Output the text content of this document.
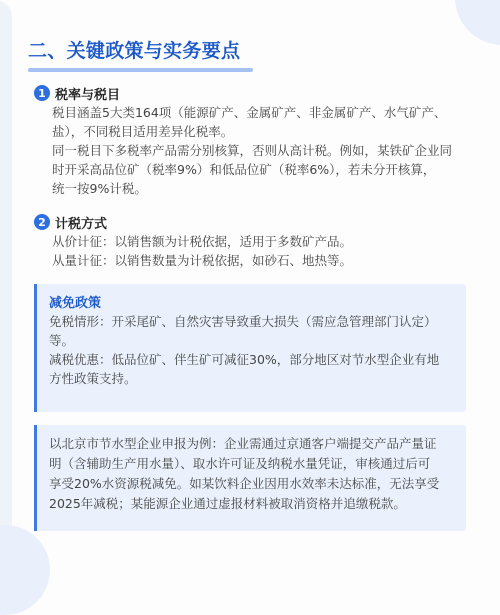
二、关键政策与实务要点
1 税率与税目

税目涵盖5大类164项（能源矿产、金属矿产、非金属矿产、水气矿产、

盐），不同税目适用差异化税率。

同一税目下多税率产品需分别核算，否则从高计税。例如，某铁矿企业同

时开采高品位矿（税率9%）和低品位矿（税率6%），若未分开核算，

统一按9%计税。

2 计税方式

从价计征：以销售额为计税依据，适用于多数矿产品。

从量计征：以销售数量为计税依据，如砂石、地热等。

减免政策

免税情形：开采尾矿、自然灾害导致重大损失（需应急管理部门认定）

等。

减税优惠：低品位矿、伴生矿可减征30%，部分地区对节水型企业有地

方性政策支持。

以北京市节水型企业申报为例：企业需通过京通客户端提交产品产量证

明（含辅助生产用水量）、取水许可证及纳税水量凭证，审核通过后可

享受20%水资源税减免。如某饮料企业因用水效率未达标准，无法享受

2025年减税；某能源企业通过虚报材料被取消资格并追缴税款。
